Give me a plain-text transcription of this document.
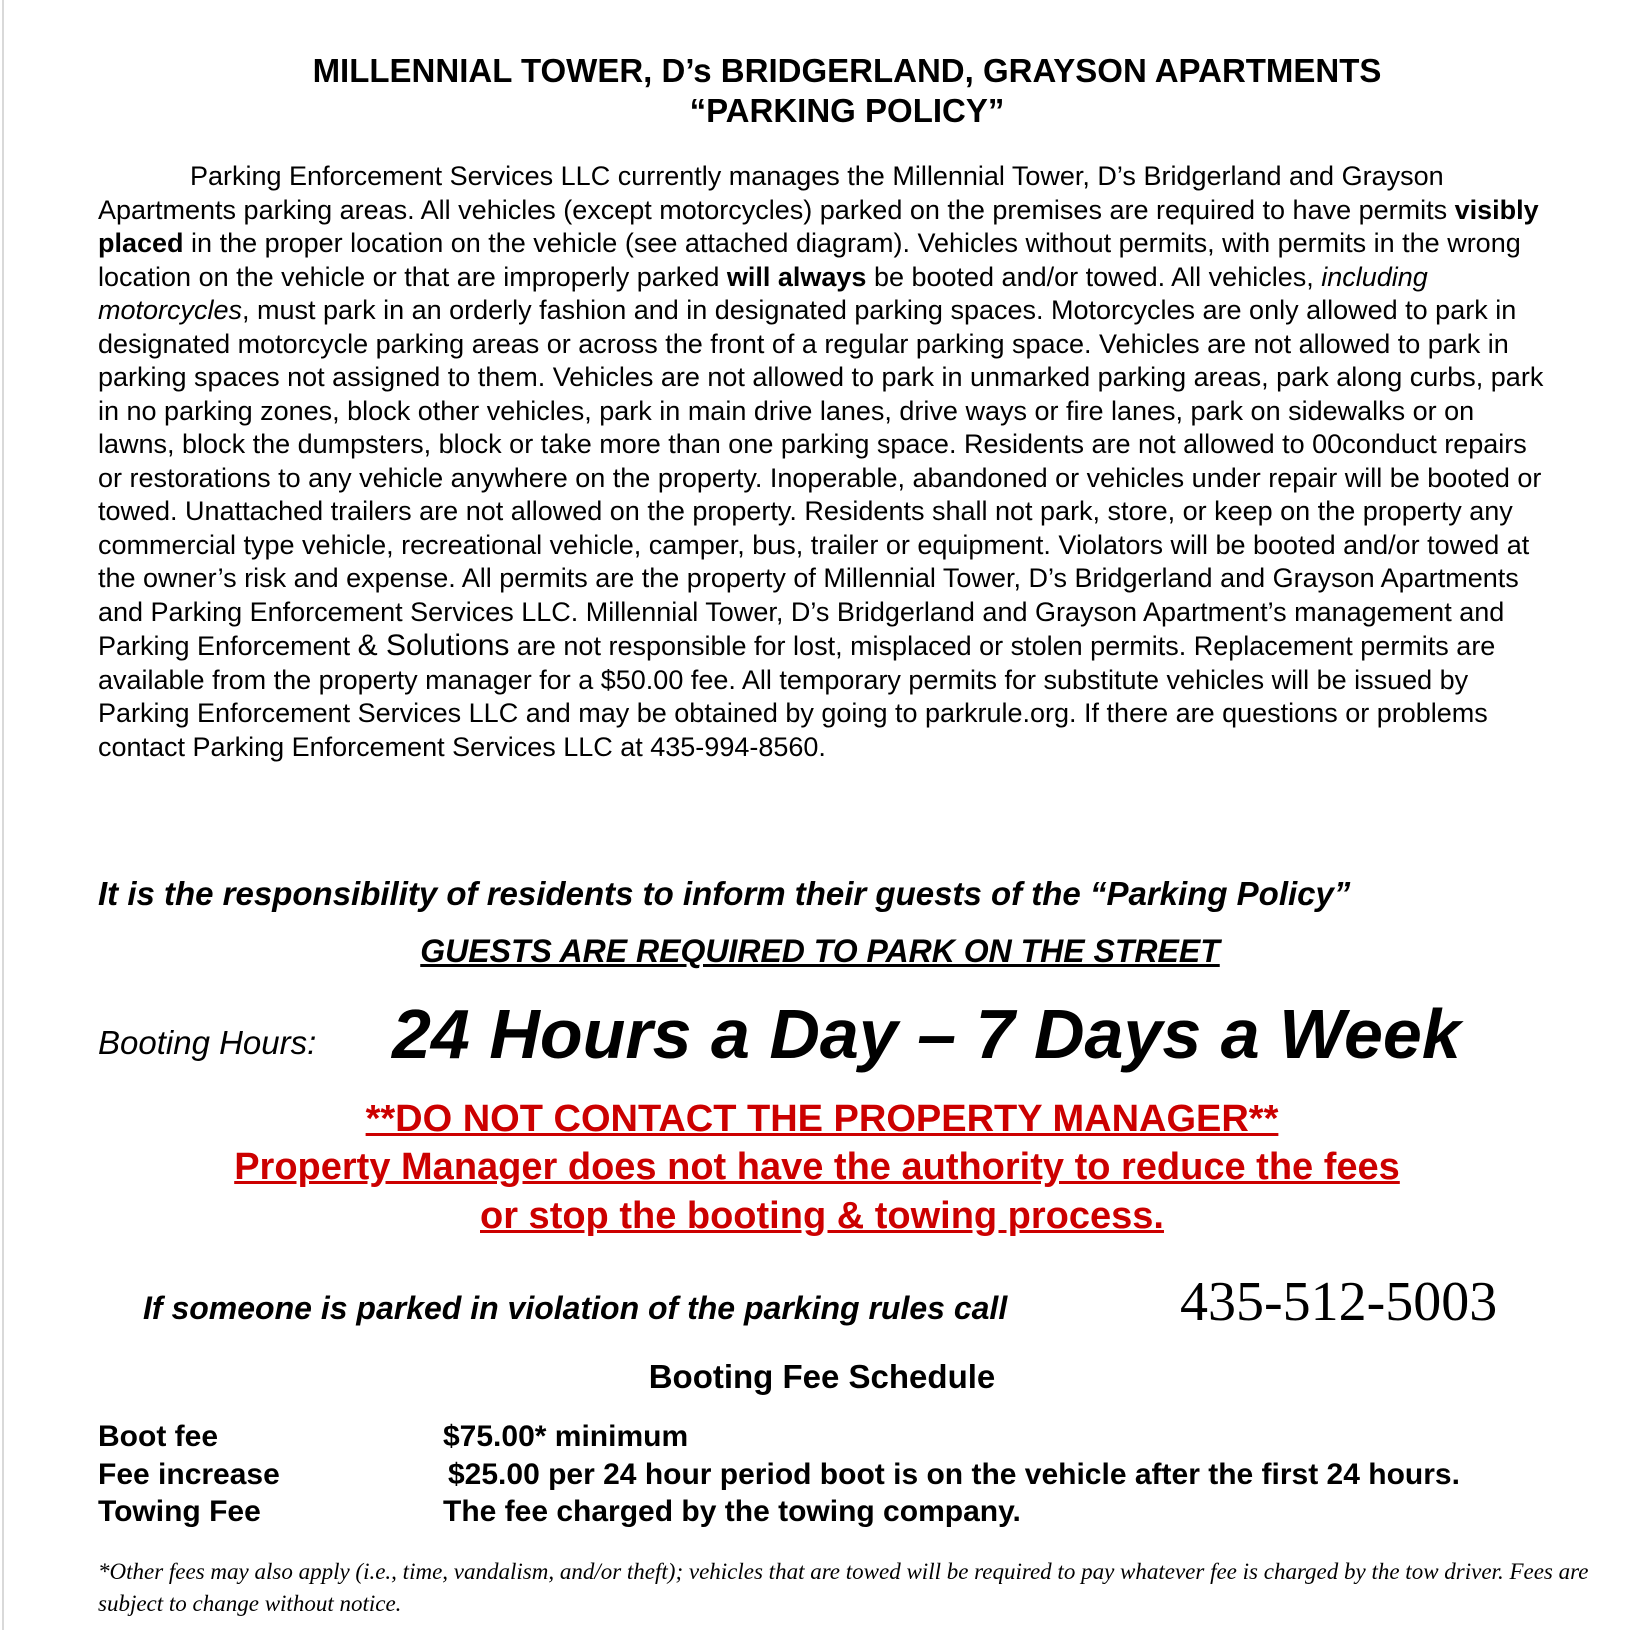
MILLENNIAL TOWER, D’s BRIDGERLAND, GRAYSON APARTMENTS
“PARKING POLICY”

Parking Enforcement Services LLC currently manages the Millennial Tower, D’s Bridgerland and Grayson Apartments parking areas. All vehicles (except motorcycles) parked on the premises are required to have permits visibly placed in the proper location on the vehicle (see attached diagram). Vehicles without permits, with permits in the wrong location on the vehicle or that are improperly parked will always be booted and/or towed. All vehicles, including motorcycles, must park in an orderly fashion and in designated parking spaces. Motorcycles are only allowed to park in designated motorcycle parking areas or across the front of a regular parking space. Vehicles are not allowed to park in parking spaces not assigned to them. Vehicles are not allowed to park in unmarked parking areas, park along curbs, park in no parking zones, block other vehicles, park in main drive lanes, drive ways or fire lanes, park on sidewalks or on lawns, block the dumpsters, block or take more than one parking space. Residents are not allowed to 00conduct repairs or restorations to any vehicle anywhere on the property. Inoperable, abandoned or vehicles under repair will be booted or towed. Unattached trailers are not allowed on the property. Residents shall not park, store, or keep on the property any commercial type vehicle, recreational vehicle, camper, bus, trailer or equipment. Violators will be booted and/or towed at the owner’s risk and expense. All permits are the property of Millennial Tower, D’s Bridgerland and Grayson Apartments and Parking Enforcement Services LLC. Millennial Tower, D’s Bridgerland and Grayson Apartment’s management and Parking Enforcement & Solutions are not responsible for lost, misplaced or stolen permits. Replacement permits are available from the property manager for a $50.00 fee. All temporary permits for substitute vehicles will be issued by Parking Enforcement Services LLC and may be obtained by going to parkrule.org. If there are questions or problems contact Parking Enforcement Services LLC at 435-994-8560.

It is the responsibility of residents to inform their guests of the “Parking Policy”
GUESTS ARE REQUIRED TO PARK ON THE STREET
Booting Hours: 24 Hours a Day – 7 Days a Week
**DO NOT CONTACT THE PROPERTY MANAGER**
Property Manager does not have the authority to reduce the fees
or stop the booting & towing process.
If someone is parked in violation of the parking rules call	435-512-5003
Booting Fee Schedule
Boot fee	$75.00* minimum
Fee increase	$25.00 per 24 hour period boot is on the vehicle after the first 24 hours.
Towing Fee	The fee charged by the towing company.

*Other fees may also apply (i.e., time, vandalism, and/or theft); vehicles that are towed will be required to pay whatever fee is charged by the tow driver. Fees are subject to change without notice.
